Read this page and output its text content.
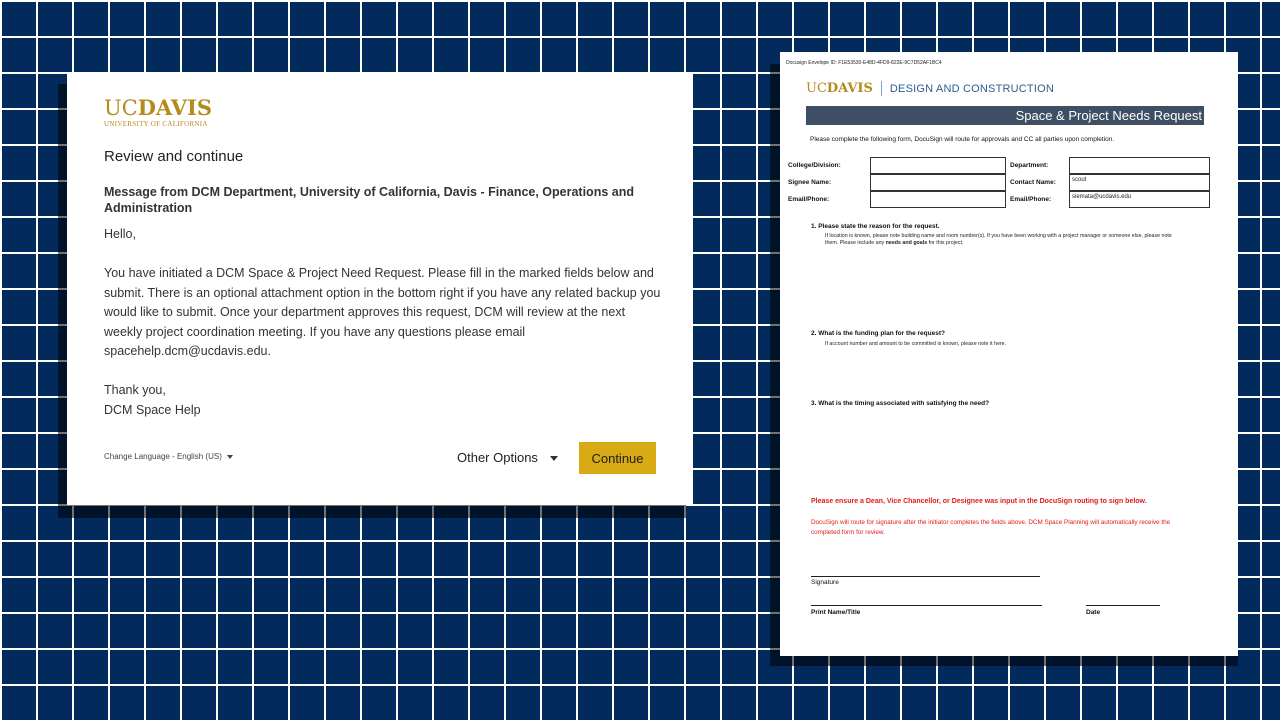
UCDAVIS
UNIVERSITY OF CALIFORNIA
Review and continue
Message from DCM Department, University of California, Davis - Finance, Operations and Administration

Hello,

You have initiated a DCM Space & Project Need Request. Please fill in the marked fields below and submit. There is an optional attachment option in the bottom right if you have any related backup you would like to submit. Once your department approves this request, DCM will review at the next weekly project coordination meeting. If you have any questions please email spacehelp.dcm@ucdavis.edu.

Thank you,

DCM Space Help

Change Language - English (US)	Other Options	Continue
Docusign Envelope ID: F1E53530-E48D-4FD9-822E-9C7D52AF1BC4
UCDAVIS DESIGN AND CONSTRUCTION
Space & Project Needs Request
Please complete the following form, DocuSign will route for approvals and CC all parties upon completion.
College/Division:	Department:
Signee Name:	Contact Name:	scout
Email/Phone:	Email/Phone:	siemata@ucdavis.edu
1. Please state the reason for the request.
If location is known, please note building name and room number(s). If you have been working with a project manager or someone else, please note them. Please include any needs and goals for this project.
2. What is the funding plan for the request?
If account number and amount to be committed is known, please note it here.
3. What is the timing associated with satisfying the need?
Please ensure a Dean, Vice Chancellor, or Designee was input in the DocuSign routing to sign below.
DocuSign will route for signature after the initiator completes the fields above. DCM Space Planning will automatically receive the completed form for review.
Signature
Print Name/Title	Date
